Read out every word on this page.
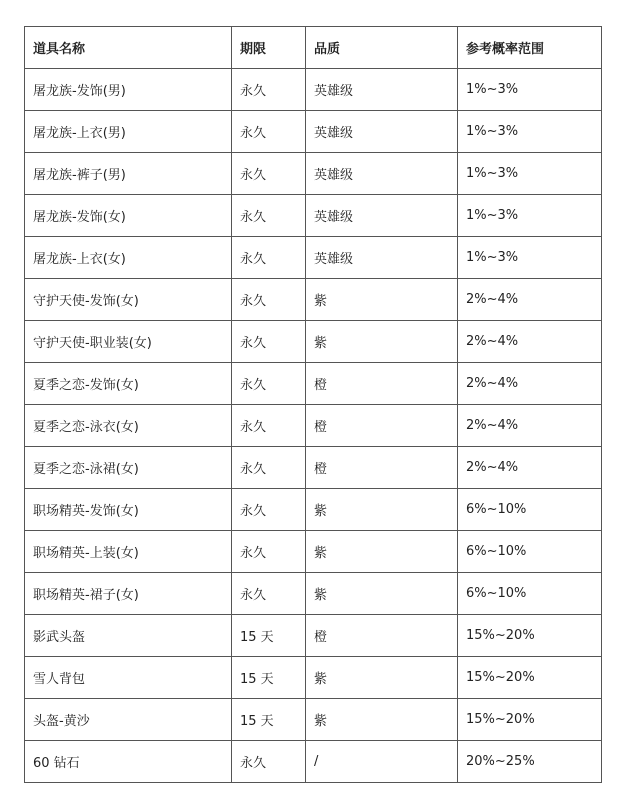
道具名称	期限	品质	参考概率范围
屠龙族-发饰(男)	永久	英雄级	1%~3%
屠龙族-上衣(男)	永久	英雄级	1%~3%
屠龙族-裤子(男)	永久	英雄级	1%~3%
屠龙族-发饰(女)	永久	英雄级	1%~3%
屠龙族-上衣(女)	永久	英雄级	1%~3%
守护天使-发饰(女)	永久	紫	2%~4%
守护天使-职业装(女)	永久	紫	2%~4%
夏季之恋-发饰(女)	永久	橙	2%~4%
夏季之恋-泳衣(女)	永久	橙	2%~4%
夏季之恋-泳裙(女)	永久	橙	2%~4%
职场精英-发饰(女)	永久	紫	6%~10%
职场精英-上装(女)	永久	紫	6%~10%
职场精英-裙子(女)	永久	紫	6%~10%
影武头盔	15 天	橙	15%~20%
雪人背包	15 天	紫	15%~20%
头盔-黄沙	15 天	紫	15%~20%
60 钻石	永久	/	20%~25%
